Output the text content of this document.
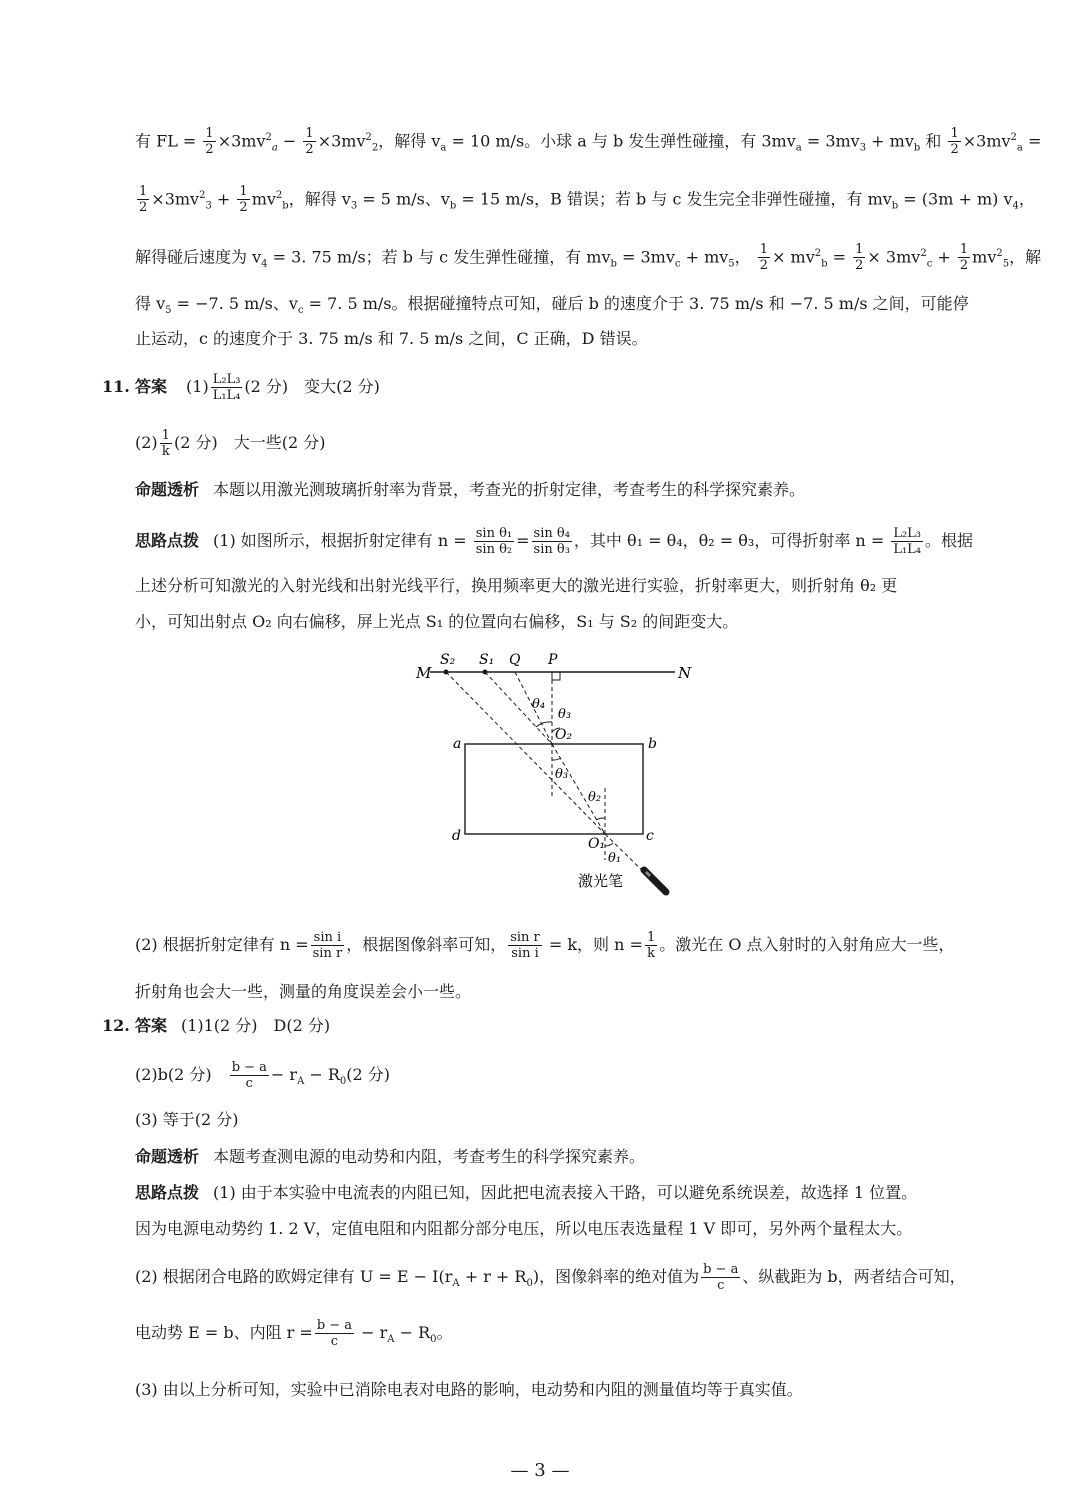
有 FL = $\frac{1}{2} \times 3mv^2_a - \frac{1}{2} \times 3mv^2_2$，解得 $v_a = 10$ m/s。小球 a 与 b 发生弹性碰撞，有 $3mv_a = 3mv_3 + mv_b$ 和 $\frac{1}{2} \times 3mv^2_a$ =
$\frac{1}{2} \times 3mv^2_3 + \frac{1}{2} mv^2_b$，解得 $v_3 = 5$ m/s、$v_b = 15$ m/s，B 错误；若 b 与 c 发生完全非弹性碰撞，有 $mv_b = (3m + m)$ $v_4$，
解得碰后速度为 $v_4 = 3$. 75 m/s；若 b 与 c 发生弹性碰撞，有 $mv_b = 3mv_c + mv_5$， $\frac{1}{2} \times mv^2_b = \frac{1}{2} \times 3mv^2_c + \frac{1}{2} mv^2_5$，解
得 $v_5 = -7$. 5 m/s、$v_c = 7$. 5 m/s。根据碰撞特点可知，碰后 b 的速度介于 3. 75 m/s 和 −7. 5 m/s 之间，可能停
止运动，c 的速度介于 3. 75 m/s 和 7. 5 m/s 之间，C 正确，D 错误。
11. 答案 $(1) \frac{\text{L₂L₃}}{\text{L₁L₄}} (2$ 分)　变大(2 分)
$(2) \frac{1}{k} (2$ 分)　大一些(2 分)
命题透析 本题以用激光测玻璃折射率为背景，考查光的折射定律，考查考生的科学探究素养。
思路点拨 (1) 如图所示，根据折射定律有 $n = \frac{\text{sin θ₁}}{\text{sin θ₂}} = \frac{\text{sin θ₄}}{\text{sin θ₃}}$ ，其中 θ₁ = θ₄，θ₂ = θ₃，可得折射率 $n = \frac{\text{L₂L₃}}{\text{L₁L₄}}$ 。根据
上述分析可知激光的入射光线和出射光线平行，换用频率更大的激光进行实验，折射率更大，则折射角 θ₂ 更
小，可知出射点 O₂ 向右偏移，屏上光点 S₁ 的位置向右偏移，S₁ 与 S₂ 的间距变大。
M	N
S₂ S₁ Q P
a	b
c
d
θ₄
θ₃
O₂
θ₃
θ₂
O₁
θ₁
激光笔
(2) 根据折射定律有 $n = \frac{\text{sin i}}{\text{sin r}}$ ，根据图像斜率可知， $\frac{\text{sin r}}{\text{sin i}} = k$，则 $n = \frac{1}{k}$ 。激光在 O 点入射时的入射角应大一些，
折射角也会大一些，测量的角度误差会小一些。
12. 答案 (1)1(2 分)　D(2 分)
(2)b(2 分)　 $\frac{b - a}{c} - r_A - R_0(2$ 分)
(3) 等于(2 分)
命题透析 本题考查测电源的电动势和内阻，考查考生的科学探究素养。
思路点拨 (1) 由于本实验中电流表的内阻已知，因此把电流表接入干路，可以避免系统误差，故选择 1 位置。
因为电源电动势约 1. 2 V，定值电阻和内阻都分部分电压，所以电压表选量程 1 V 即可，另外两个量程太大。
(2) 根据闭合电路的欧姆定律有 $U = E - I(r_A + r + R_0)$，图像斜率的绝对值为 $\frac{b - a}{c}$ 、纵截距为 b，两者结合可知，
电动势 E = b、内阻 $r = \frac{b - a}{c} - r_A - R_0$。
(3) 由以上分析可知，实验中已消除电表对电路的影响，电动势和内阻的测量值均等于真实值。
— 3 —
